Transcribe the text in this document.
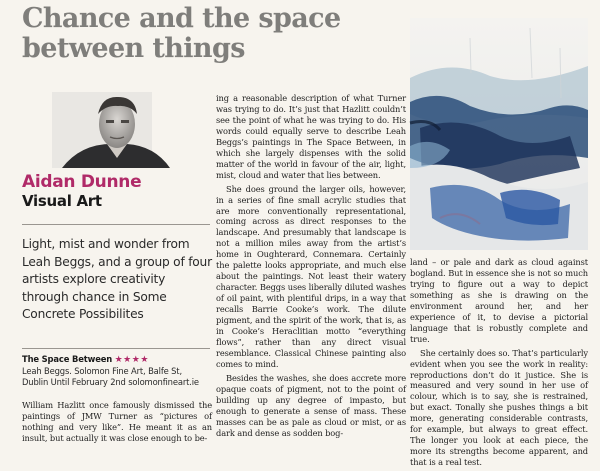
Chance and the space
between things
Aidan Dunne
Visual Art
Light, mist and wonder from Leah Beggs, and a group of four artists explore creativity through chance in Some Concrete Possibilites
The Space Between ★★★★
Leah Beggs. Solomon Fine Art, Balfe St,
Dublin Until February 2nd solomonfineart.ie

William Hazlitt once famously dismissed the paintings of JMW Turner as “pictures of nothing and very like”. He meant it as an insult, but actually it was close enough to be-

ing a reasonable description of what Turner was trying to do. It’s just that Hazlitt couldn’t see the point of what he was trying to do. His words could equally serve to describe Leah Beggs’s paintings in The Space Between, in which she largely dispenses with the solid matter of the world in favour of the air, light, mist, cloud and water that lies between.

She does ground the larger oils, however, in a series of fine small acrylic studies that are more conventionally representational, coming across as direct responses to the landscape. And presumably that landscape is not a million miles away from the artist’s home in Oughterard, Connemara. Certainly the palette looks appropriate, and much else about the paintings. Not least their watery character. Beggs uses liberally diluted washes of oil paint, with plentiful drips, in a way that recalls Barrie Cooke’s work. The dilute pigment, and the spirit of the work, that is, as in Cooke’s Heraclitian motto “everything flows”, rather than any direct visual resemblance. Classical Chinese painting also comes to mind.

Besides the washes, she does accrete more opaque coats of pigment, not to the point of building up any degree of impasto, but enough to generate a sense of mass. These masses can be as pale as cloud or mist, or as dark and dense as sodden bog-

land – or pale and dark as cloud against bogland. But in essence she is not so much trying to figure out a way to depict something as she is drawing on the environment around her, and her experience of it, to devise a pictorial language that is robustly complete and true.

She certainly does so. That’s particularly evident when you see the work in reality: reproductions don’t do it justice. She is measured and very sound in her use of colour, which is to say, she is restrained, but exact. Tonally she pushes things a bit more, generating considerable contrasts, for example, but always to great effect. The longer you look at each piece, the more its strengths become apparent, and that is a real test.
